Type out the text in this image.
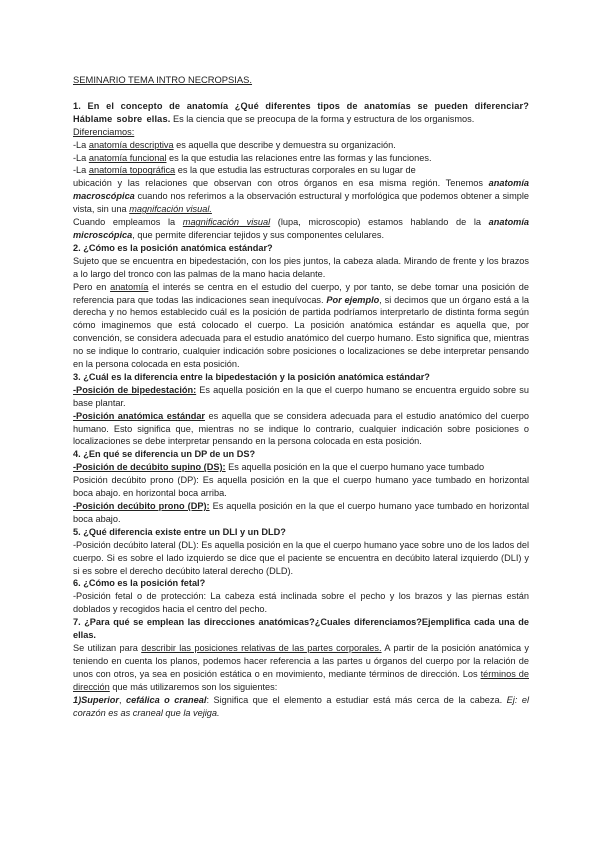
SEMINARIO TEMA INTRO NECROPSIAS.

1. En el concepto de anatomía ¿Qué diferentes tipos de anatomías se pueden diferenciar? Háblame sobre ellas. Es la ciencia que se preocupa de la forma y estructura de los organismos.

Diferenciamos:

-La anatomía descriptiva es aquella que describe y demuestra su organización.

-La anatomía funcional es la que estudia las relaciones entre las formas y las funciones.

-La anatomía topográfica es la que estudia las estructuras corporales en su lugar de

ubicación y las relaciones que observan con otros órganos en esa misma región. Tenemos anatomía macroscópica cuando nos referimos a la observación estructural y morfológica que podemos obtener a simple vista, sin una magnifcación visual.

Cuando empleamos la magnificación visual (lupa, microscopio) estamos hablando de la anatomía microscópica, que permite diferenciar tejidos y sus componentes celulares.

2. ¿Cómo es la posición anatómica estándar?

Sujeto que se encuentra en bipedestación, con los pies juntos, la cabeza alada. Mirando de frente y los brazos a lo largo del tronco con las palmas de la mano hacia delante.

Pero en anatomía el interés se centra en el estudio del cuerpo, y por tanto, se debe tomar una posición de referencia para que todas las indicaciones sean inequívocas. Por ejemplo, si decimos que un órgano está a la derecha y no hemos establecido cuál es la posición de partida podríamos interpretarlo de distinta forma según cómo imaginemos que está colocado el cuerpo. La posición anatómica estándar es aquella que, por convención, se considera adecuada para el estudio anatómico del cuerpo humano. Esto significa que, mientras no se indique lo contrario, cualquier indicación sobre posiciones o localizaciones se debe interpretar pensando en la persona colocada en esta posición.

3. ¿Cuál es la diferencia entre la bipedestación y la posición anatómica estándar?

-Posición de bipedestación: Es aquella posición en la que el cuerpo humano se encuentra erguido sobre su base plantar.

-Posición anatómica estándar es aquella que se considera adecuada para el estudio anatómico del cuerpo humano. Esto significa que, mientras no se indique lo contrario, cualquier indicación sobre posiciones o localizaciones se debe interpretar pensando en la persona colocada en esta posición.

4. ¿En qué se diferencia un DP de un DS?

-Posición de decúbito supino (DS): Es aquella posición en la que el cuerpo humano yace tumbado

Posición decúbito prono (DP): Es aquella posición en la que el cuerpo humano yace tumbado en horizontal boca abajo. en horizontal boca arriba.

-Posición decúbito prono (DP): Es aquella posición en la que el cuerpo humano yace tumbado en horizontal boca abajo.

5. ¿Qué diferencia existe entre un DLI y un DLD?

-Posición decúbito lateral (DL): Es aquella posición en la que el cuerpo humano yace sobre uno de los lados del cuerpo. Si es sobre el lado izquierdo se dice que el paciente se encuentra en decúbito lateral izquierdo (DLI) y si es sobre el derecho decúbito lateral derecho (DLD).

6. ¿Cómo es la posición fetal?

-Posición fetal o de protección: La cabeza está inclinada sobre el pecho y los brazos y las piernas están doblados y recogidos hacia el centro del pecho.

7. ¿Para qué se emplean las direcciones anatómicas?¿Cuales diferenciamos?Ejemplifica cada una de ellas.

Se utilizan para describir las posiciones relativas de las partes corporales. A partir de la posición anatómica y teniendo en cuenta los planos, podemos hacer referencia a las partes u órganos del cuerpo por la relación de unos con otros, ya sea en posición estática o en movimiento, mediante términos de dirección. Los términos de dirección que más utilizaremos son los siguientes:

1)Superior, cefálica o craneal: Significa que el elemento a estudiar está más cerca de la cabeza. Ej: el corazón es as craneal que la vejiga.
